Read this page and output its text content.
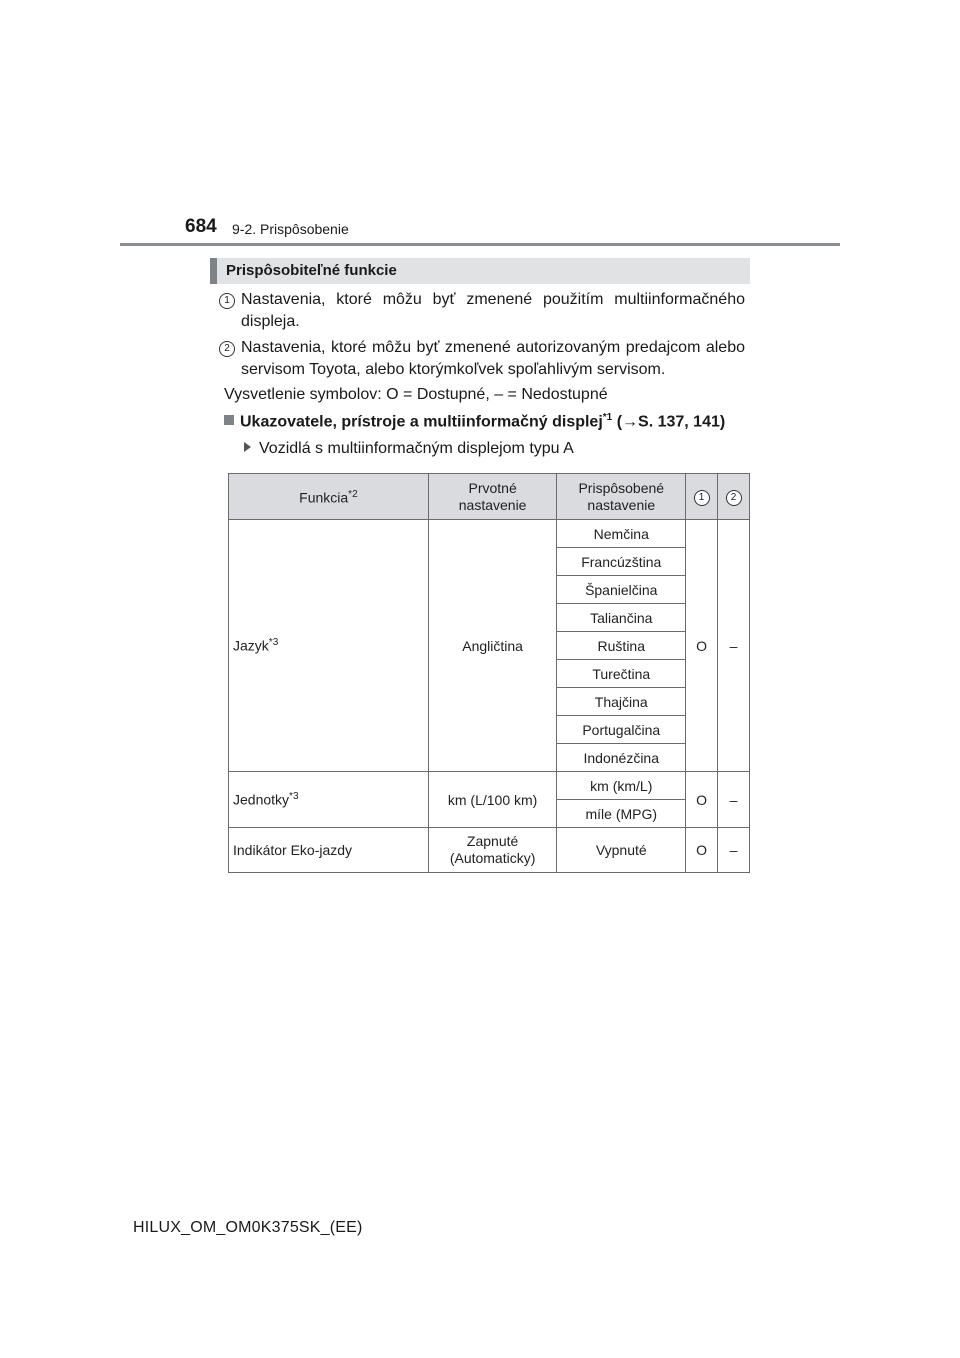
684 9-2. Prispôsobenie
Prispôsobiteľné funkcie
1 Nastavenia, ktoré môžu byť zmenené použitím multiinformačného displeja.
2 Nastavenia, ktoré môžu byť zmenené autorizovaným predajcom alebo servisom Toyota, alebo ktorýmkoľvek spoľahlivým servisom.
Vysvetlenie symbolov: O = Dostupné, – = Nedostupné
Ukazovatele, prístroje a multiinformačný displej$^{*1}$ (→S. 137, 141)
Vozidlá s multiinformačným displejom typu A
Funkcia$^{*2}$	Prvotné nastavenie	Prispôsobené nastavenie	1	2
Jazyk$^{*3}$	Angličtina	Nemčina	O	–
		Francúzština		
		Španielčina		
		Taliančina		
		Ruština		
		Turečtina		
		Thajčina		
		Portugalčina		
		Indonézčina		
Jednotky$^{*3}$	km (L/100 km)	km (km/L)	O	–
		míle (MPG)		
Indikátor Eko-jazdy	Zapnuté (Automaticky)	Vypnuté	O	–
HILUX_OM_OM0K375SK_(EE)
